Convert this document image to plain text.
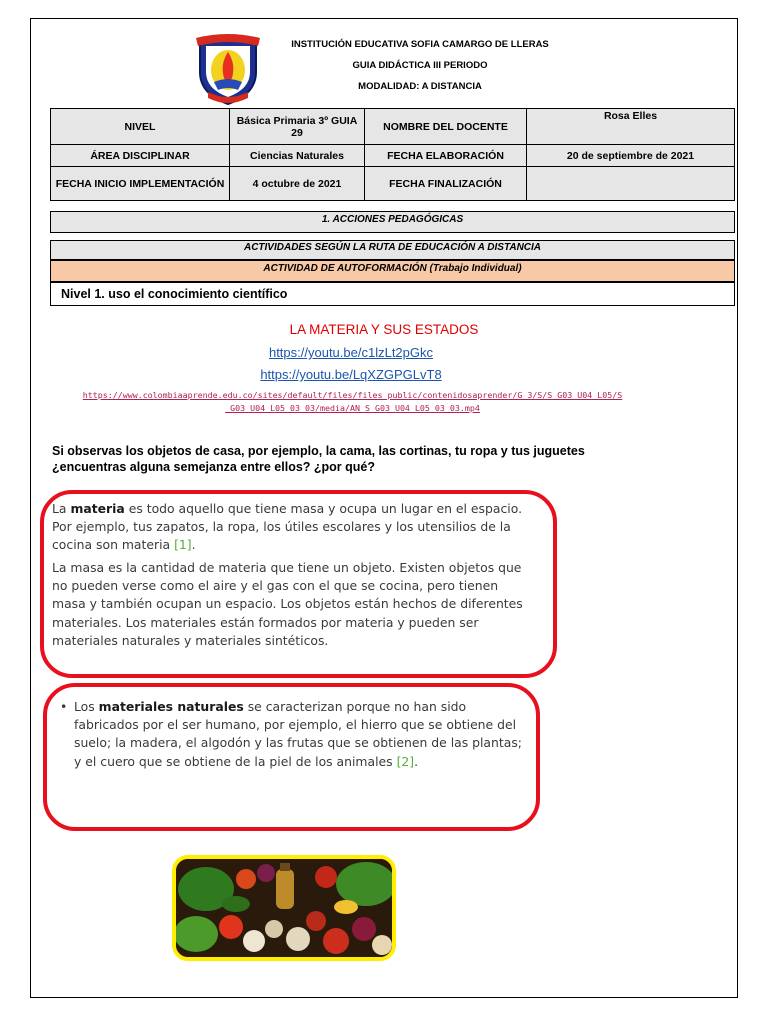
INSTITUCIÓN EDUCATIVA SOFIA CAMARGO DE LLERAS
GUIA DIDÁCTICA III PERIODO
MODALIDAD: A DISTANCIA
NIVEL	Básica Primaria 3º GUIA 29	NOMBRE DEL DOCENTE	Rosa Elles
ÁREA DISCIPLINAR	Ciencias Naturales	FECHA ELABORACIÓN	20 de septiembre de 2021
FECHA INICIO IMPLEMENTACIÓN	4 octubre de 2021	FECHA FINALIZACIÓN	
1. ACCIONES PEDAGÓGICAS
ACTIVIDADES SEGÚN LA RUTA DE EDUCACIÓN A DISTANCIA
ACTIVIDAD DE AUTOFORMACIÓN (Trabajo Individual)
Nivel 1. uso el conocimiento científico
LA MATERIA Y SUS ESTADOS
https://youtu.be/c1lzLt2pGkc
https://youtu.be/LqXZGPGLvT8
https://www.colombiaaprende.edu.co/sites/default/files/files_public/contenidosaprender/G_3/S/S_G03_U04_L05/S
_G03_U04_L05_03_03/media/AN_S_G03_U04_L05_03_03.mp4
Si observas los objetos de casa, por ejemplo, la cama, las cortinas, tu ropa y tus juguetes ¿encuentras alguna semejanza entre ellos? ¿por qué?
La materia es todo aquello que tiene masa y ocupa un lugar en el espacio. Por ejemplo, tus zapatos, la ropa, los útiles escolares y los utensilios de la cocina son materia [1].
La masa es la cantidad de materia que tiene un objeto. Existen objetos que no pueden verse como el aire y el gas con el que se cocina, pero tienen masa y también ocupan un espacio. Los objetos están hechos de diferentes materiales. Los materiales están formados por materia y pueden ser materiales naturales y materiales sintéticos.
• Los materiales naturales se caracterizan porque no han sido fabricados por el ser humano, por ejemplo, el hierro que se obtiene del suelo; la madera, el algodón y las frutas que se obtienen de las plantas; y el cuero que se obtiene de la piel de los animales [2].
